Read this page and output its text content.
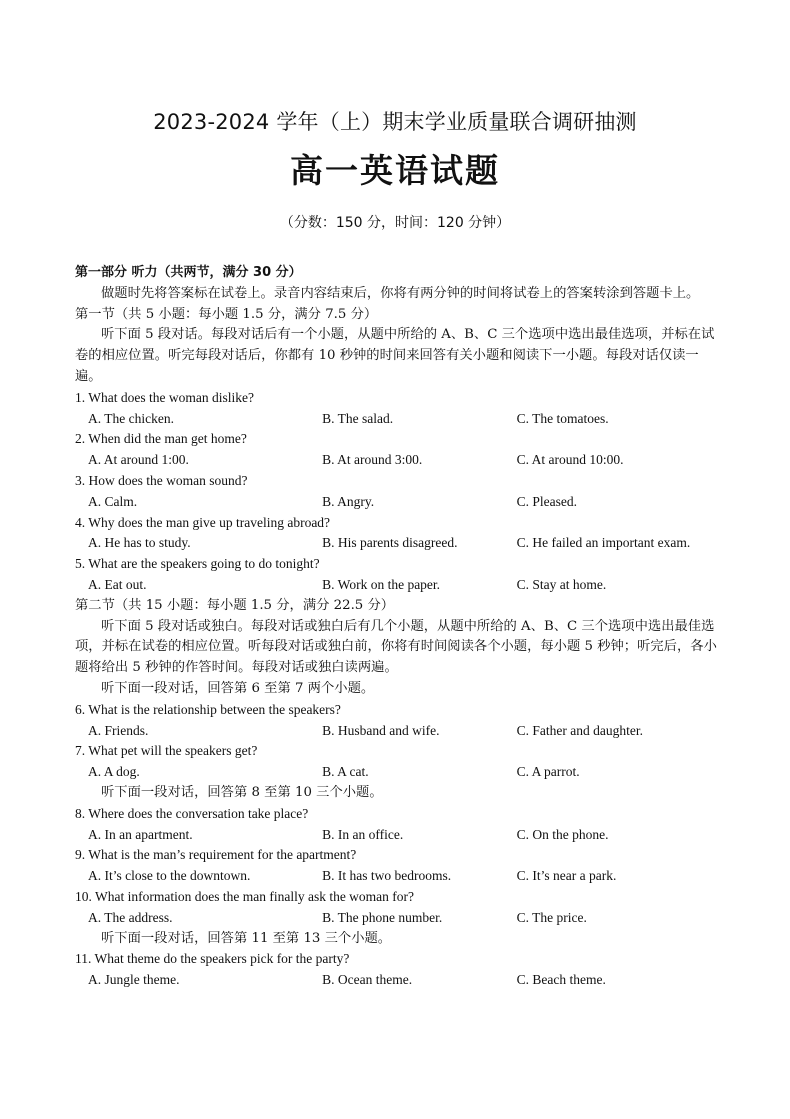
2023-2024 学年（上）期末学业质量联合调研抽测
高一英语试题
（分数：150 分，时间：120 分钟）
第一部分 听力（共两节，满分 30 分）
做题时先将答案标在试卷上。录音内容结束后，你将有两分钟的时间将试卷上的答案转涂到答题卡上。
第一节（共 5 小题：每小题 1.5 分，满分 7.5 分）
听下面 5 段对话。每段对话后有一个小题，从题中所给的 A、B、C 三个选项中选出最佳选项，并标在试卷的相应位置。听完每段对话后，你都有 10 秒钟的时间来回答有关小题和阅读下一小题。每段对话仅读一遍。
1. What does the woman dislike?
A. The chicken.	B. The salad.	C. The tomatoes.
2. When did the man get home?
A. At around 1:00.	B. At around 3:00.	C. At around 10:00.
3. How does the woman sound?
A. Calm.	B. Angry.	C. Pleased.
4. Why does the man give up traveling abroad?
A. He has to study.	B. His parents disagreed.	C. He failed an important exam.
5. What are the speakers going to do tonight?
A. Eat out.	B. Work on the paper.	C. Stay at home.
第二节（共 15 小题：每小题 1.5 分，满分 22.5 分）
听下面 5 段对话或独白。每段对话或独白后有几个小题，从题中所给的 A、B、C 三个选项中选出最佳选项，并标在试卷的相应位置。听每段对话或独白前，你将有时间阅读各个小题，每小题 5 秒钟；听完后，各小题将给出 5 秒钟的作答时间。每段对话或独白读两遍。
听下面一段对话，回答第 6 至第 7 两个小题。
6. What is the relationship between the speakers?
A. Friends.	B. Husband and wife.	C. Father and daughter.
7. What pet will the speakers get?
A. A dog.	B. A cat.	C. A parrot.
听下面一段对话，回答第 8 至第 10 三个小题。
8. Where does the conversation take place?
A. In an apartment.	B. In an office.	C. On the phone.
9. What is the man’s requirement for the apartment?
A. It’s close to the downtown.	B. It has two bedrooms.	C. It’s near a park.
10. What information does the man finally ask the woman for?
A. The address.	B. The phone number.	C. The price.
听下面一段对话，回答第 11 至第 13 三个小题。
11. What theme do the speakers pick for the party?
A. Jungle theme.	B. Ocean theme.	C. Beach theme.
